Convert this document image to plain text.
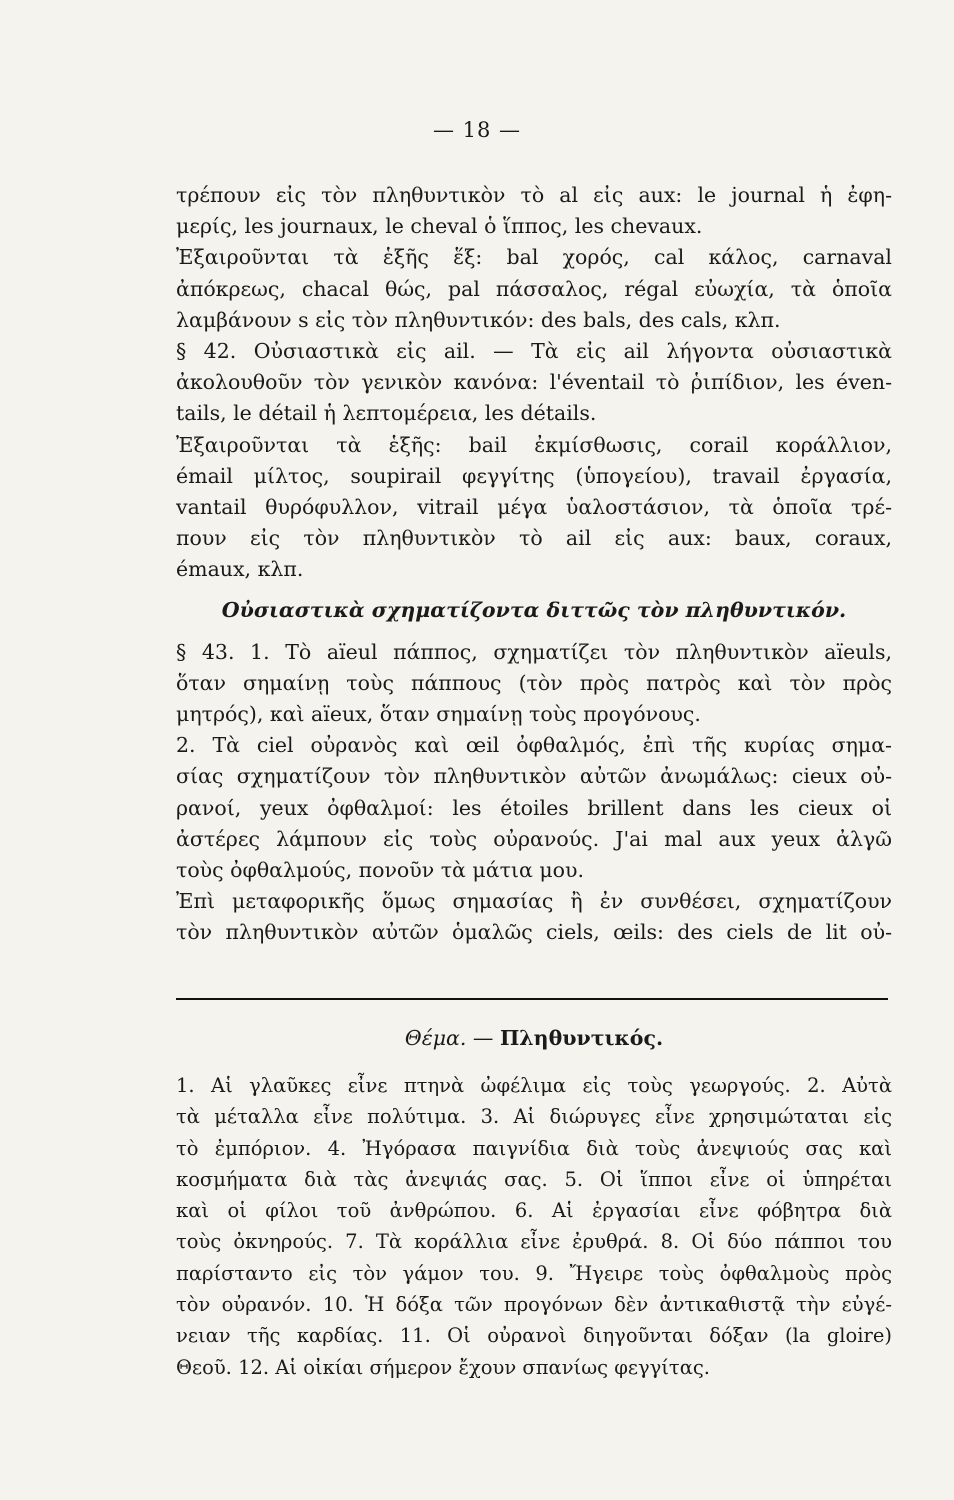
— 18 —
τρέπουν εἰς τὸν πληθυντικὸν τὸ al εἰς aux: le journal ἡ ἐφη-
μερίς, les journaux, le cheval ὁ ἵππος, les chevaux.
Ἐξαιροῦνται τὰ ἑξῆς ἕξ: bal χορός, cal κάλος, carnaval
ἀπόκρεως, chacal θώς, pal πάσσαλος, régal εὐωχία, τὰ ὁποῖα
λαμβάνουν s εἰς τὸν πληθυντικόν: des bals, des cals, κλπ.
§ 42. Οὐσιαστικὰ εἰς ail. — Τὰ εἰς ail λήγοντα οὐσιαστικὰ
ἀκολουθοῦν τὸν γενικὸν κανόνα: l'éventail τὸ ῥιπίδιον, les éven-
tails, le détail ἡ λεπτομέρεια, les détails.
Ἐξαιροῦνται τὰ ἑξῆς: bail ἐκμίσθωσις, corail κοράλλιον,
émail μίλτος, soupirail φεγγίτης (ὑπογείου), travail ἐργασία,
vantail θυρόφυλλον, vitrail μέγα ὑαλοστάσιον, τὰ ὁποῖα τρέ-
πουν εἰς τὸν πληθυντικὸν τὸ ail εἰς aux: baux, coraux,
émaux, κλπ.
Οὐσιαστικὰ σχηματίζοντα διττῶς τὸν πληθυντικόν.
§ 43. 1. Τὸ aïeul πάππος, σχηματίζει τὸν πληθυντικὸν aïeuls,
ὅταν σημαίνῃ τοὺς πάππους (τὸν πρὸς πατρὸς καὶ τὸν πρὸς
μητρός), καὶ aïeux, ὅταν σημαίνῃ τοὺς προγόνους.
2. Τὰ ciel οὐρανὸς καὶ œil ὀφθαλμός, ἐπὶ τῆς κυρίας σημα-
σίας σχηματίζουν τὸν πληθυντικὸν αὐτῶν ἀνωμάλως: cieux οὐ-
ρανοί, yeux ὀφθαλμοί: les étoiles brillent dans les cieux οἱ
ἀστέρες λάμπουν εἰς τοὺς οὐρανούς. J'ai mal aux yeux ἀλγῶ
τοὺς ὀφθαλμούς, πονοῦν τὰ μάτια μου.
Ἐπὶ μεταφορικῆς ὅμως σημασίας ἢ ἐν συνθέσει, σχηματίζουν
τὸν πληθυντικὸν αὐτῶν ὁμαλῶς ciels, œils: des ciels de lit οὐ-
Θέμα. — Πληθυντικός.
1. Αἱ γλαῦκες εἶνε πτηνὰ ὠφέλιμα εἰς τοὺς γεωργούς. 2. Αὐτὰ
τὰ μέταλλα εἶνε πολύτιμα. 3. Αἱ διώρυγες εἶνε χρησιμώταται εἰς
τὸ ἐμπόριον. 4. Ἠγόρασα παιγνίδια διὰ τοὺς ἀνεψιούς σας καὶ
κοσμήματα διὰ τὰς ἀνεψιάς σας. 5. Οἱ ἵπποι εἶνε οἱ ὑπηρέται
καὶ οἱ φίλοι τοῦ ἀνθρώπου. 6. Αἱ ἐργασίαι εἶνε φόβητρα διὰ
τοὺς ὀκνηρούς. 7. Τὰ κοράλλια εἶνε ἐρυθρά. 8. Οἱ δύο πάπποι του
παρίσταντο εἰς τὸν γάμον του. 9. Ἤγειρε τοὺς ὀφθαλμοὺς πρὸς
τὸν οὐρανόν. 10. Ἡ δόξα τῶν προγόνων δὲν ἀντικαθιστᾷ τὴν εὐγέ-
νειαν τῆς καρδίας. 11. Οἱ οὐρανοὶ διηγοῦνται δόξαν (la gloire)
Θεοῦ. 12. Αἱ οἰκίαι σήμερον ἔχουν σπανίως φεγγίτας.
